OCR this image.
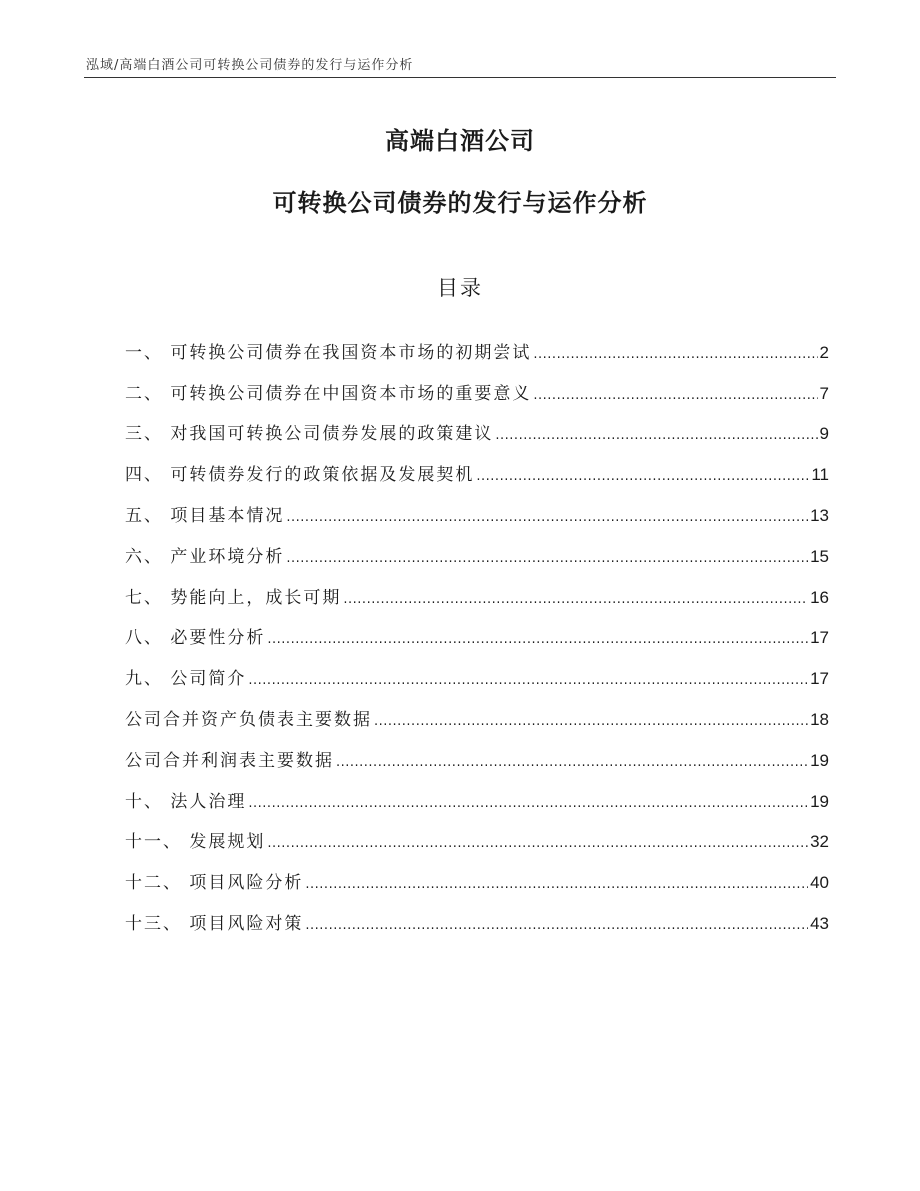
泓域/高端白酒公司可转换公司债券的发行与运作分析
高端白酒公司
可转换公司债券的发行与运作分析
目录
一、 可转换公司债券在我国资本市场的初期尝试 .....	2
二、 可转换公司债券在中国资本市场的重要意义 .....	7
三、 对我国可转换公司债券发展的政策建议 .....	9
四、 可转债券发行的政策依据及发展契机 .....	11
五、 项目基本情况 .....	13
六、 产业环境分析 .....	15
七、 势能向上，成长可期 .....	16
八、 必要性分析 .....	17
九、 公司简介 .....	17
公司合并资产负债表主要数据 .....	18
公司合并利润表主要数据 .....	19
十、 法人治理 .....	19
十一、 发展规划 .....	32
十二、 项目风险分析 .....	40
十三、 项目风险对策 .....	43
